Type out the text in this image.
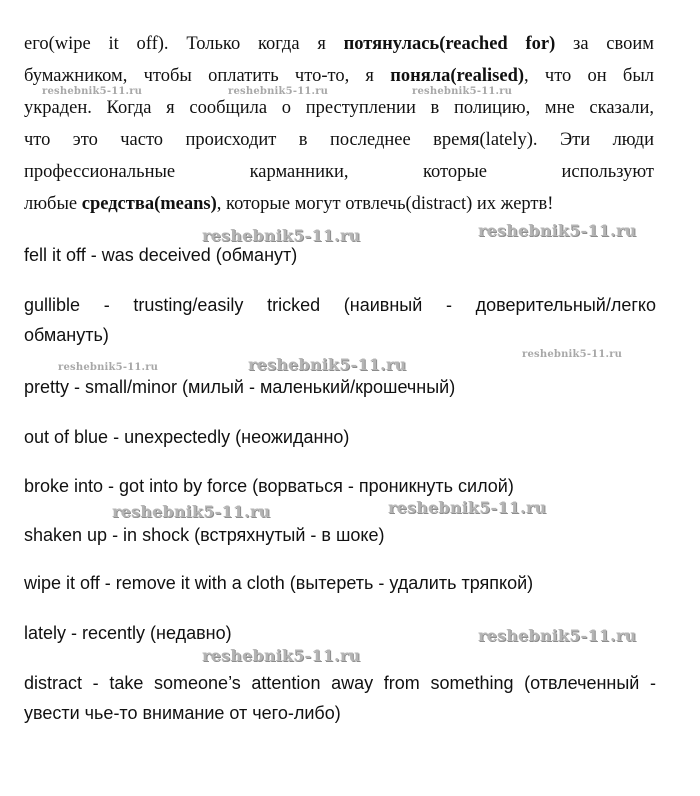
его(wipe it off). Только когда я потянулась(reached for) за своим
бумажником, чтобы оплатить что-то, я поняла(realised), что он был
украден. Когда я сообщила о преступлении в полицию, мне сказали,
что это часто происходит в последнее время(lately). Эти люди
профессиональные карманники, которые используют
любые средства(means), которые могут отвлечь(distract) их жертв!
fell it off - was deceived (обманут)
gullible - trusting/easily tricked (наивный - доверительный/легко
обмануть)
pretty - small/minor (милый - маленький/крошечный)
out of blue - unexpectedly (неожиданно)
broke into - got into by force (ворваться - проникнуть силой)
shaken up - in shock (встряхнутый - в шоке)
wipe it off - remove it with a cloth (вытереть - удалить тряпкой)
lately - recently (недавно)
distract - take someone’s attention away from something (отвлеченный -
увести чье-то внимание от чего-либо)
reshebnik5-11.ru	reshebnik5-11.ru	reshebnik5-11.ru
reshebnik5-11.ru	reshebnik5-11.ru
reshebnik5-11.ru	reshebnik5-11.ru
reshebnik5-11.ru
reshebnik5-11.ru	reshebnik5-11.ru
reshebnik5-11.ru
reshebnik5-11.ru
